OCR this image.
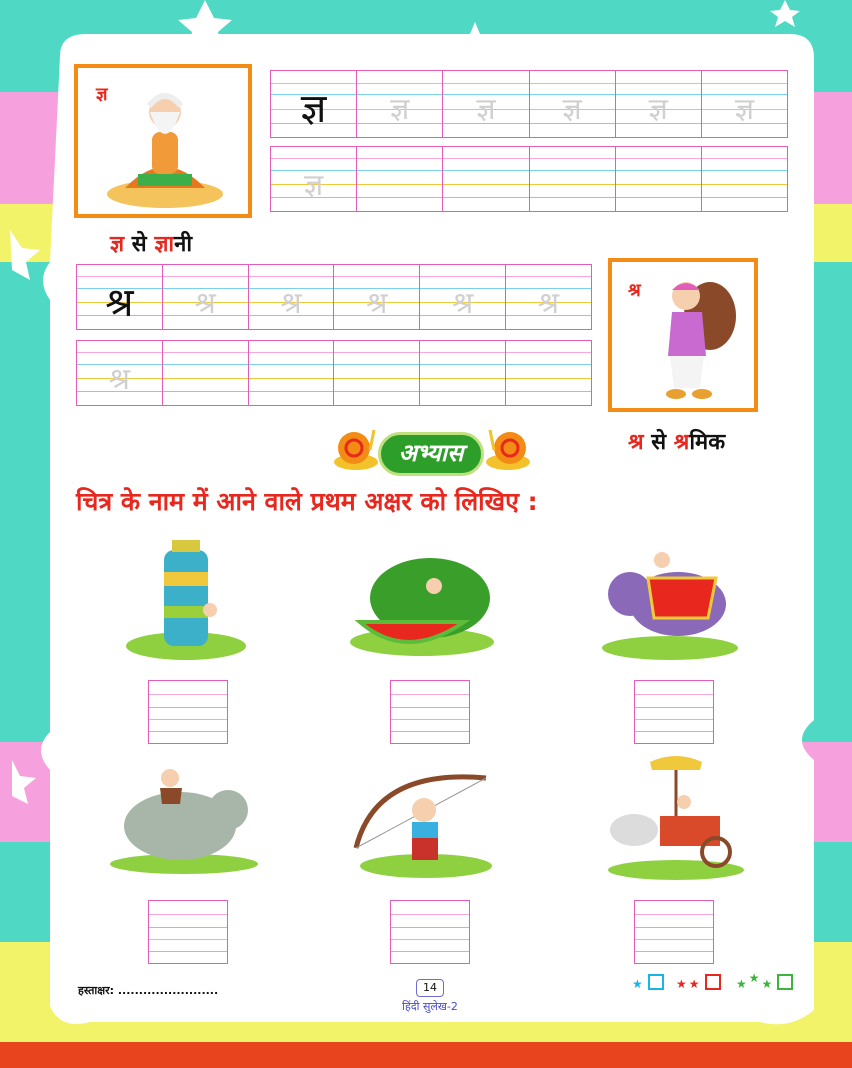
ज्ञ
ज्ञ से ज्ञानी
ज्ञ	ज्ञ	ज्ञ	ज्ञ	ज्ञ	ज्ञ
ज्ञ
श्र	श्र	श्र	श्र	श्र	श्र
श्र
श्र
श्र से श्रमिक
अभ्यास
चित्र के नाम में आने वाले प्रथम अक्षर को लिखिए :
हस्ताक्षर: ........................	14
हिंदी सुलेख-2
★	★ ★	★ ★ ★
